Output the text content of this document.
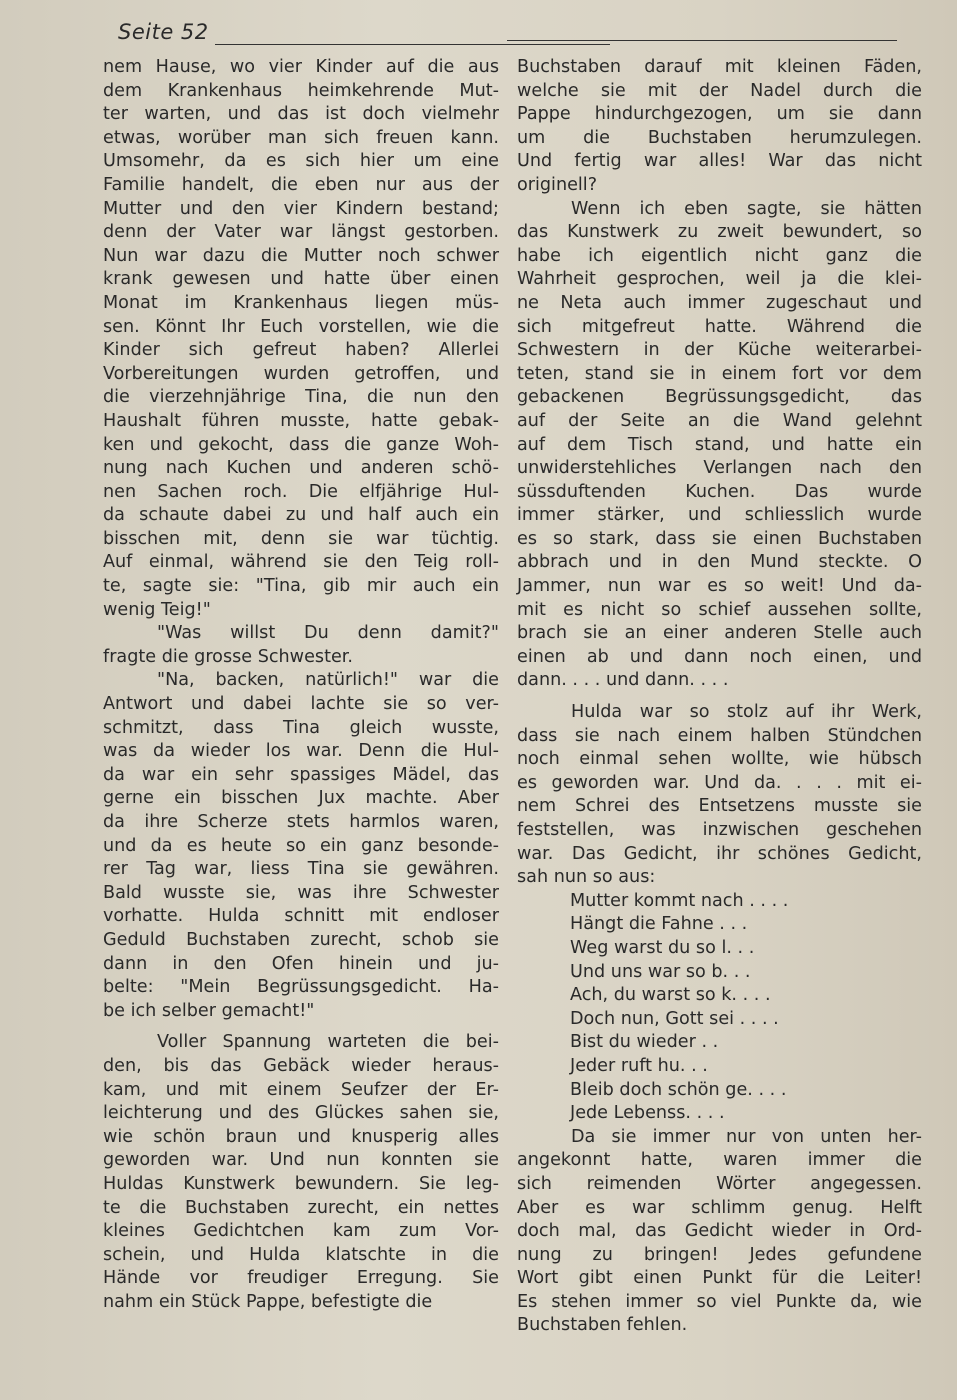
Seite 52
nem Hause, wo vier Kinder auf die aus
dem Krankenhaus heimkehrende Mut-
ter warten, und das ist doch vielmehr
etwas, worüber man sich freuen kann.
Umsomehr, da es sich hier um eine
Familie handelt, die eben nur aus der
Mutter und den vier Kindern bestand;
denn der Vater war längst gestorben.
Nun war dazu die Mutter noch schwer
krank gewesen und hatte über einen
Monat im Krankenhaus liegen müs-
sen. Könnt Ihr Euch vorstellen, wie die
Kinder sich gefreut haben? Allerlei
Vorbereitungen wurden getroffen, und
die vierzehnjährige Tina, die nun den
Haushalt führen musste, hatte gebak-
ken und gekocht, dass die ganze Woh-
nung nach Kuchen und anderen schö-
nen Sachen roch. Die elfjährige Hul-
da schaute dabei zu und half auch ein
bisschen mit, denn sie war tüchtig.
Auf einmal, während sie den Teig roll-
te, sagte sie: "Tina, gib mir auch ein
wenig Teig!"
"Was willst Du denn damit?"
fragte die grosse Schwester.
"Na, backen, natürlich!" war die
Antwort und dabei lachte sie so ver-
schmitzt, dass Tina gleich wusste,
was da wieder los war. Denn die Hul-
da war ein sehr spassiges Mädel, das
gerne ein bisschen Jux machte. Aber
da ihre Scherze stets harmlos waren,
und da es heute so ein ganz besonde-
rer Tag war, liess Tina sie gewähren.
Bald wusste sie, was ihre Schwester
vorhatte. Hulda schnitt mit endloser
Geduld Buchstaben zurecht, schob sie
dann in den Ofen hinein und ju-
belte: "Mein Begrüssungsgedicht. Ha-
be ich selber gemacht!"
Voller Spannung warteten die bei-
den, bis das Gebäck wieder heraus-
kam, und mit einem Seufzer der Er-
leichterung und des Glückes sahen sie,
wie schön braun und knusperig alles
geworden war. Und nun konnten sie
Huldas Kunstwerk bewundern. Sie leg-
te die Buchstaben zurecht, ein nettes
kleines Gedichtchen kam zum Vor-
schein, und Hulda klatschte in die
Hände vor freudiger Erregung. Sie
nahm ein Stück Pappe, befestigte die
Buchstaben darauf mit kleinen Fäden,
welche sie mit der Nadel durch die
Pappe hindurchgezogen, um sie dann
um die Buchstaben herumzulegen.
Und fertig war alles! War das nicht
originell?
Wenn ich eben sagte, sie hätten
das Kunstwerk zu zweit bewundert, so
habe ich eigentlich nicht ganz die
Wahrheit gesprochen, weil ja die klei-
ne Neta auch immer zugeschaut und
sich mitgefreut hatte. Während die
Schwestern in der Küche weiterarbei-
teten, stand sie in einem fort vor dem
gebackenen Begrüssungsgedicht, das
auf der Seite an die Wand gelehnt
auf dem Tisch stand, und hatte ein
unwiderstehliches Verlangen nach den
süssduftenden Kuchen. Das wurde
immer stärker, und schliesslich wurde
es so stark, dass sie einen Buchstaben
abbrach und in den Mund steckte. O
Jammer, nun war es so weit! Und da-
mit es nicht so schief aussehen sollte,
brach sie an einer anderen Stelle auch
einen ab und dann noch einen, und
dann. . . . und dann. . . .
Hulda war so stolz auf ihr Werk,
dass sie nach einem halben Stündchen
noch einmal sehen wollte, wie hübsch
es geworden war. Und da. . . . mit ei-
nem Schrei des Entsetzens musste sie
feststellen, was inzwischen geschehen
war. Das Gedicht, ihr schönes Gedicht,
sah nun so aus:
Mutter kommt nach . . . .
Hängt die Fahne . . .
Weg warst du so l. . .
Und uns war so b. . .
Ach, du warst so k. . . .
Doch nun, Gott sei . . . .
Bist du wieder . .
Jeder ruft hu. . .
Bleib doch schön ge. . . .
Jede Lebenss. . . .
Da sie immer nur von unten her-
angekonnt hatte, waren immer die
sich reimenden Wörter angegessen.
Aber es war schlimm genug. Helft
doch mal, das Gedicht wieder in Ord-
nung zu bringen! Jedes gefundene
Wort gibt einen Punkt für die Leiter!
Es stehen immer so viel Punkte da, wie
Buchstaben fehlen.
